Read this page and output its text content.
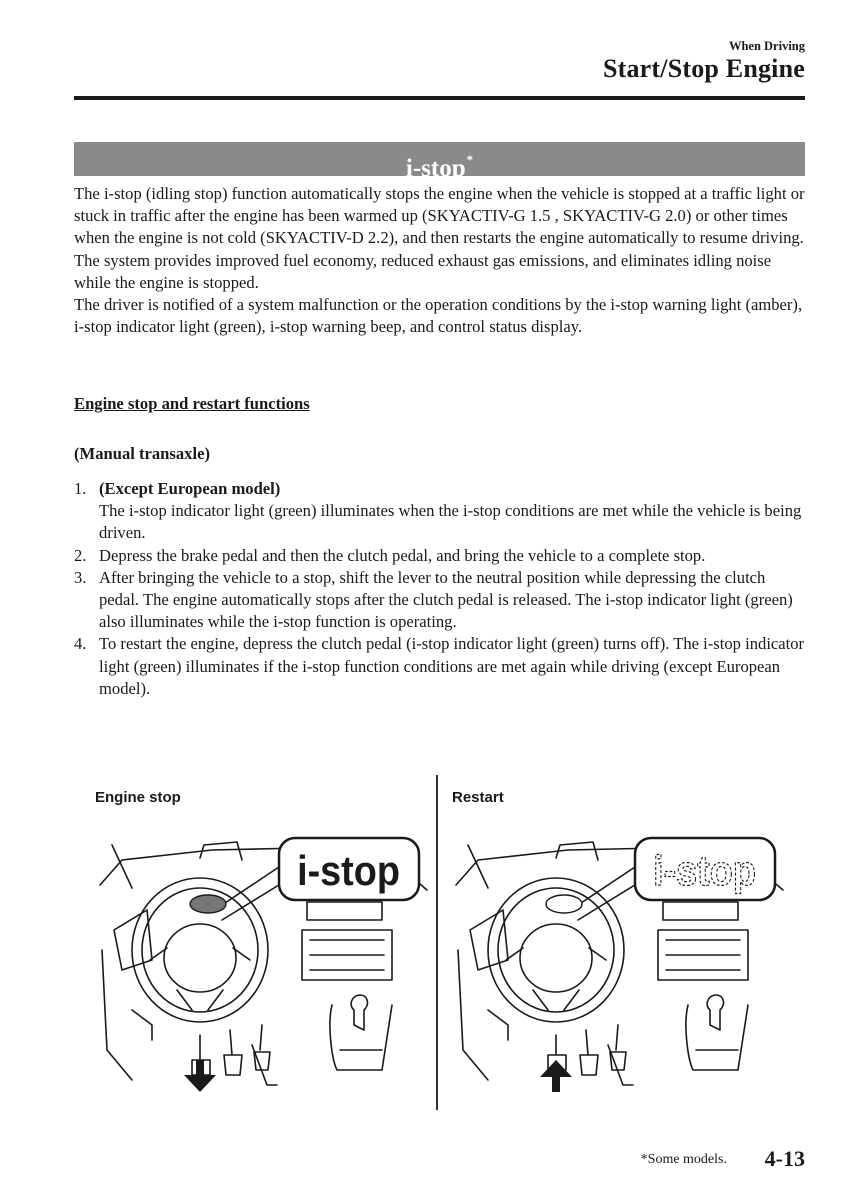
When Driving
Start/Stop Engine
i-stop*

The i-stop (idling stop) function automatically stops the engine when the vehicle is stopped at a traffic light or stuck in traffic after the engine has been warmed up (SKYACTIV-G 1.5 , SKYACTIV-G 2.0) or other times when the engine is not cold (SKYACTIV-D 2.2), and then restarts the engine automatically to resume driving. The system provides improved fuel economy, reduced exhaust gas emissions, and eliminates idling noise while the engine is stopped.

The driver is notified of a system malfunction or the operation conditions by the i-stop warning light (amber), i-stop indicator light (green), i-stop warning beep, and control status display.

Engine stop and restart functions
(Manual transaxle)
1. (Except European model)
The i-stop indicator light (green) illuminates when the i-stop conditions are met while the vehicle is being driven.
2. Depress the brake pedal and then the clutch pedal, and bring the vehicle to a complete stop.
3. After bringing the vehicle to a stop, shift the lever to the neutral position while depressing the clutch pedal. The engine automatically stops after the clutch pedal is released. The i-stop indicator light (green) also illuminates while the i-stop function is operating.
4. To restart the engine, depress the clutch pedal (i-stop indicator light (green) turns off). The i-stop indicator light (green) illuminates if the i-stop function conditions are met again while driving (except European model).
Engine stop	Restart
i-stop	i-stop
*Some models. 4-13
